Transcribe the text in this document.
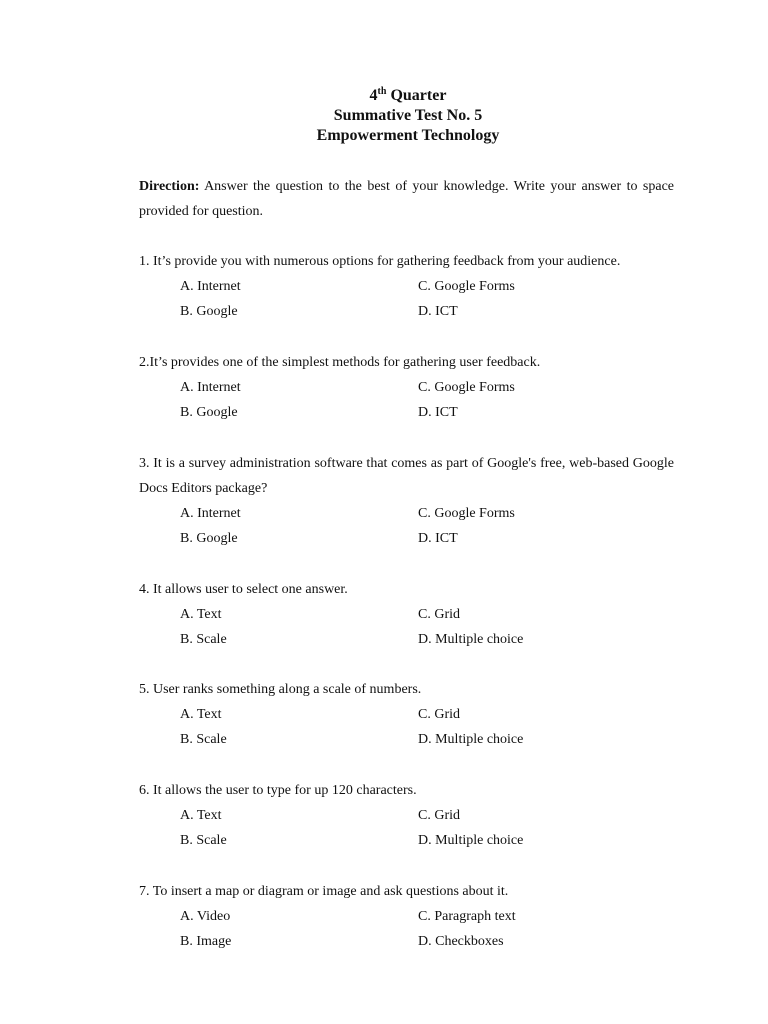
4th Quarter
Summative Test No. 5
Empowerment Technology
Direction: Answer the question to the best of your knowledge. Write your answer to space provided for question.
1. It’s provide you with numerous options for gathering feedback from your audience.
A. Internet
B. Google
C. Google Forms
D. ICT
2.It’s provides one of the simplest methods for gathering user feedback.
A. Internet
B. Google
C. Google Forms
D. ICT
3. It is a survey administration software that comes as part of Google's free, web-based Google Docs Editors package?
A. Internet
B. Google
C. Google Forms
D. ICT
4. It allows user to select one answer.
A. Text
B. Scale
C. Grid
D. Multiple choice
5. User ranks something along a scale of numbers.
A. Text
B. Scale
C. Grid
D. Multiple choice
6. It allows the user to type for up 120 characters.
A. Text
B. Scale
C. Grid
D. Multiple choice
7. To insert a map or diagram or image and ask questions about it.
A. Video
B. Image
C. Paragraph text
D. Checkboxes
